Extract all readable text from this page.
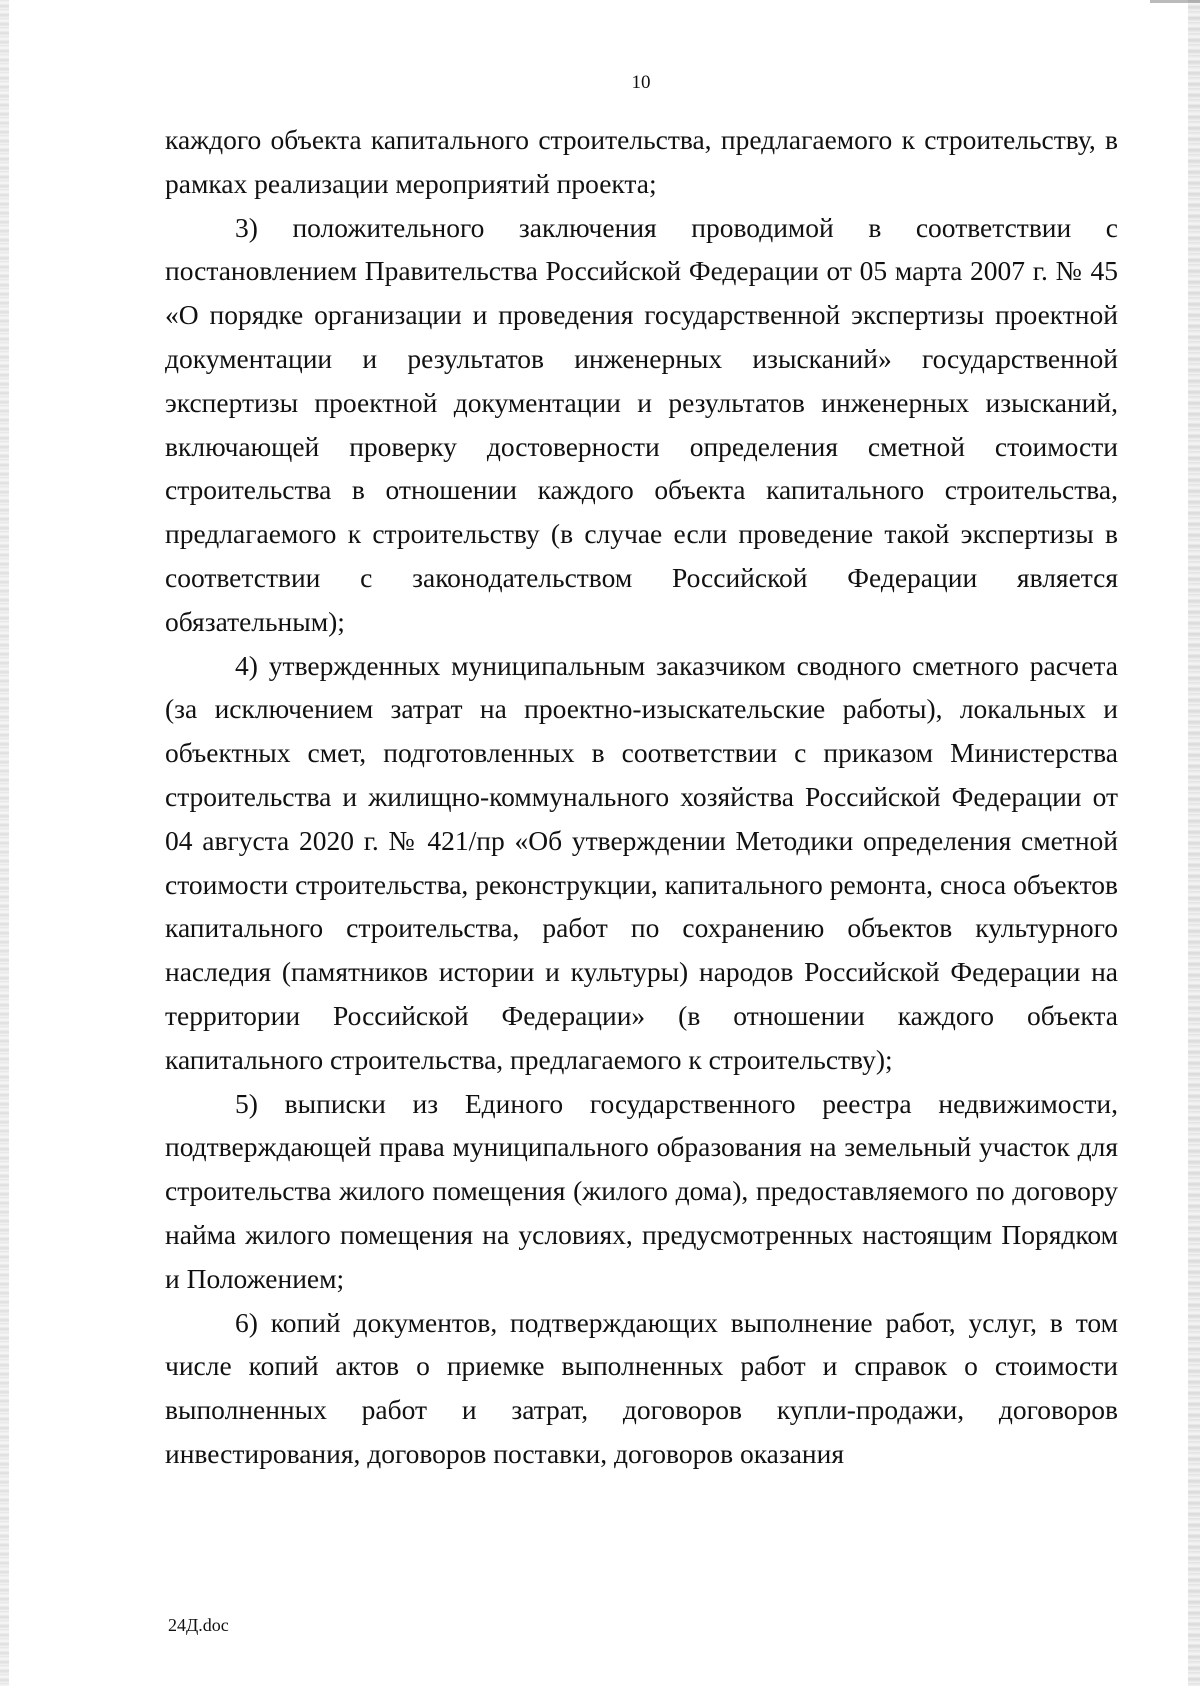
10

каждого объекта капитального строительства, предлагаемого к строительству, в рамках реализации мероприятий проекта;

3) положительного заключения проводимой в соответствии с постановлением Правительства Российской Федерации от 05 марта 2007 г. № 45 «О порядке организации и проведения государственной экспертизы проектной документации и результатов инженерных изысканий» государственной экспертизы проектной документации и результатов инженерных изысканий, включающей проверку достоверности определения сметной стоимости строительства в отношении каждого объекта капитального строительства, предлагаемого к строительству (в случае если проведение такой экспертизы в соответствии с законодательством Российской Федерации является обязательным);

4) утвержденных муниципальным заказчиком сводного сметного расчета (за исключением затрат на проектно-изыскательские работы), локальных и объектных смет, подготовленных в соответствии с приказом Министерства строительства и жилищно-коммунального хозяйства Российской Федерации от 04 августа 2020 г. № 421/пр «Об утверждении Методики определения сметной стоимости строительства, реконструкции, капитального ремонта, сноса объектов капитального строительства, работ по сохранению объектов культурного наследия (памятников истории и культуры) народов Российской Федерации на территории Российской Федерации» (в отношении каждого объекта капитального строительства, предлагаемого к строительству);

5) выписки из Единого государственного реестра недвижимости, подтверждающей права муниципального образования на земельный участок для строительства жилого помещения (жилого дома), предоставляемого по договору найма жилого помещения на условиях, предусмотренных настоящим Порядком и Положением;

6) копий документов, подтверждающих выполнение работ, услуг, в том числе копий актов о приемке выполненных работ и справок о стоимости выполненных работ и затрат, договоров купли-продажи, договоров инвестирования, договоров поставки, договоров оказания

24Д.doc
